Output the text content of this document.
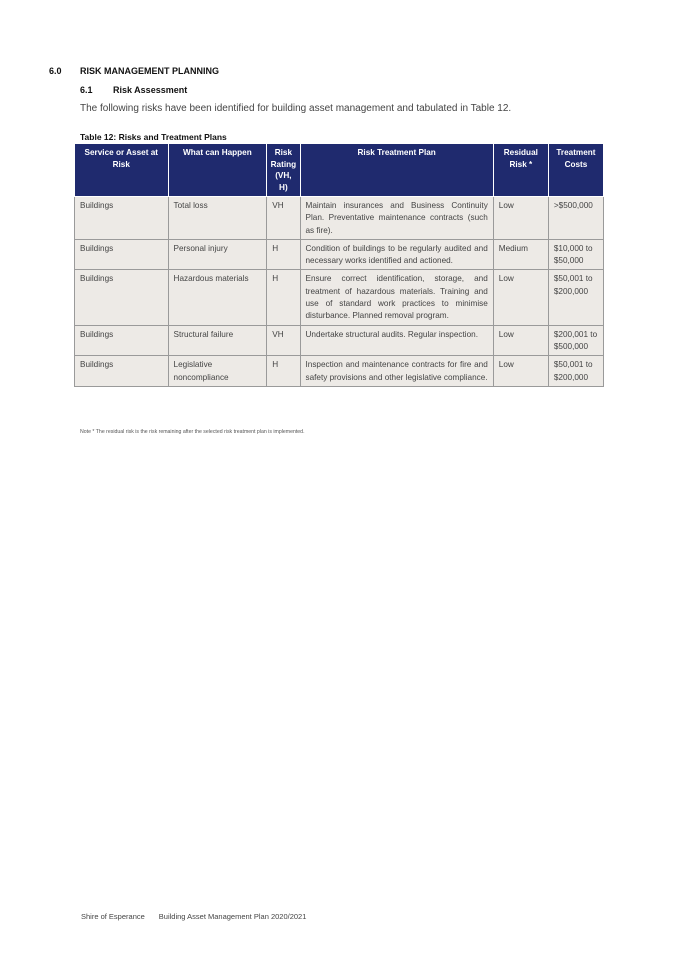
6.0 RISK MANAGEMENT PLANNING
6.1 Risk Assessment
The following risks have been identified for building asset management and tabulated in Table 12.
Table 12: Risks and Treatment Plans
Service or Asset at Risk	What can Happen	Risk Rating (VH, H)	Risk Treatment Plan	Residual Risk *	Treatment Costs
Buildings	Total loss	VH	Maintain insurances and Business Continuity Plan. Preventative maintenance contracts (such as fire).	Low	>$500,000
Buildings	Personal injury	H	Condition of buildings to be regularly audited and necessary works identified and actioned.	Medium	$10,000 to $50,000
Buildings	Hazardous materials	H	Ensure correct identification, storage, and treatment of hazardous materials. Training and use of standard work practices to minimise disturbance. Planned removal program.	Low	$50,001 to $200,000
Buildings	Structural failure	VH	Undertake structural audits. Regular inspection.	Low	$200,001 to $500,000
Buildings	Legislative noncompliance	H	Inspection and maintenance contracts for fire and safety provisions and other legislative compliance.	Low	$50,001 to $200,000
Note * The residual risk is the risk remaining after the selected risk treatment plan is implemented.
Shire of Esperance Building Asset Management Plan 2020/2021
